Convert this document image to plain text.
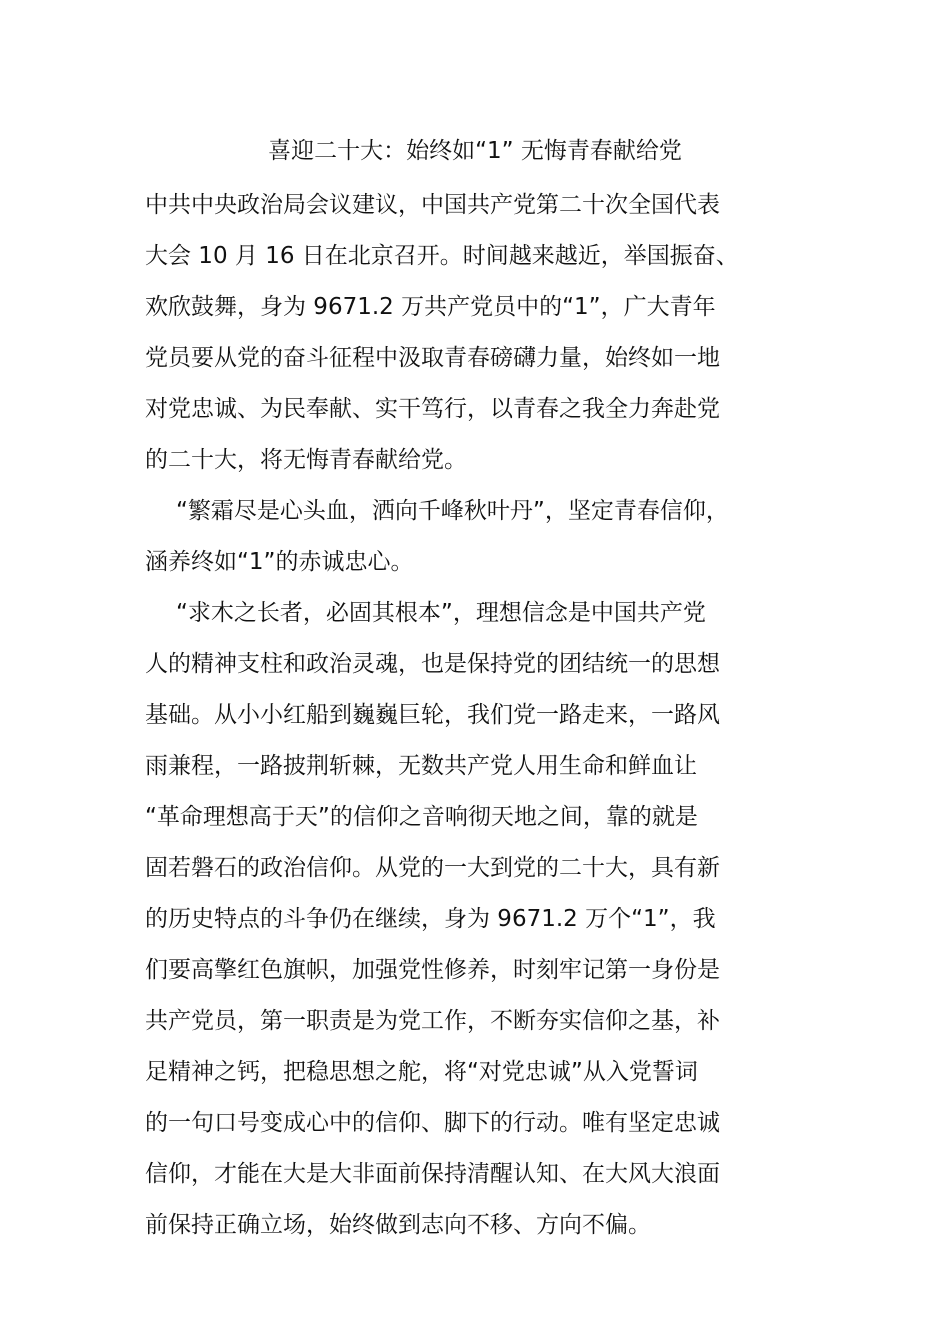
喜迎二十大：始终如“1” 无悔青春献给党
中共中央政治局会议建议，中国共产党第二十次全国代表
大会 10 月 16 日在北京召开。时间越来越近，举国振奋、
欢欣鼓舞，身为 9671.2 万共产党员中的“1”，广大青年
党员要从党的奋斗征程中汲取青春磅礴力量，始终如一地
对党忠诚、为民奉献、实干笃行，以青春之我全力奔赴党
的二十大，将无悔青春献给党。
“繁霜尽是心头血，洒向千峰秋叶丹”，坚定青春信仰，
涵养终如“1”的赤诚忠心。
“求木之长者，必固其根本”，理想信念是中国共产党
人的精神支柱和政治灵魂，也是保持党的团结统一的思想
基础。从小小红船到巍巍巨轮，我们党一路走来，一路风
雨兼程，一路披荆斩棘，无数共产党人用生命和鲜血让
“革命理想高于天”的信仰之音响彻天地之间，靠的就是
固若磐石的政治信仰。从党的一大到党的二十大，具有新
的历史特点的斗争仍在继续，身为 9671.2 万个“1”，我
们要高擎红色旗帜，加强党性修养，时刻牢记第一身份是
共产党员，第一职责是为党工作，不断夯实信仰之基，补
足精神之钙，把稳思想之舵，将“对党忠诚”从入党誓词
的一句口号变成心中的信仰、脚下的行动。唯有坚定忠诚
信仰，才能在大是大非面前保持清醒认知、在大风大浪面
前保持正确立场，始终做到志向不移、方向不偏。
